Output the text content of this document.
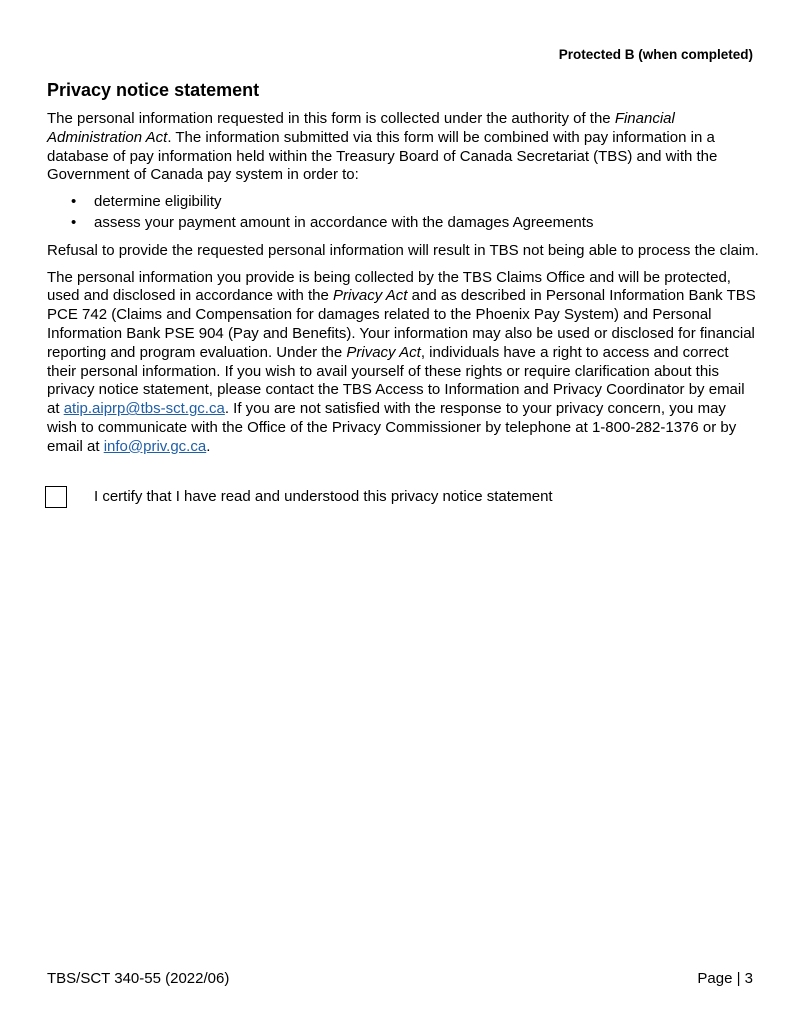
Protected B (when completed)
Privacy notice statement

The personal information requested in this form is collected under the authority of the Financial Administration Act. The information submitted via this form will be combined with pay information in a database of pay information held within the Treasury Board of Canada Secretariat (TBS) and with the Government of Canada pay system in order to:

• determine eligibility
• assess your payment amount in accordance with the damages Agreements

Refusal to provide the requested personal information will result in TBS not being able to process the claim.

The personal information you provide is being collected by the TBS Claims Office and will be protected, used and disclosed in accordance with the Privacy Act and as described in Personal Information Bank TBS PCE 742 (Claims and Compensation for damages related to the Phoenix Pay System) and Personal Information Bank PSE 904 (Pay and Benefits). Your information may also be used or disclosed for financial reporting and program evaluation. Under the Privacy Act, individuals have a right to access and correct their personal information. If you wish to avail yourself of these rights or require clarification about this privacy notice statement, please contact the TBS Access to Information and Privacy Coordinator by email at atip.aiprp@tbs-sct.gc.ca. If you are not satisfied with the response to your privacy concern, you may wish to communicate with the Office of the Privacy Commissioner by telephone at 1-800-282-1376 or by email at info@priv.gc.ca.

I certify that I have read and understood this privacy notice statement
TBS/SCT 340-55 (2022/06)	Page | 3
